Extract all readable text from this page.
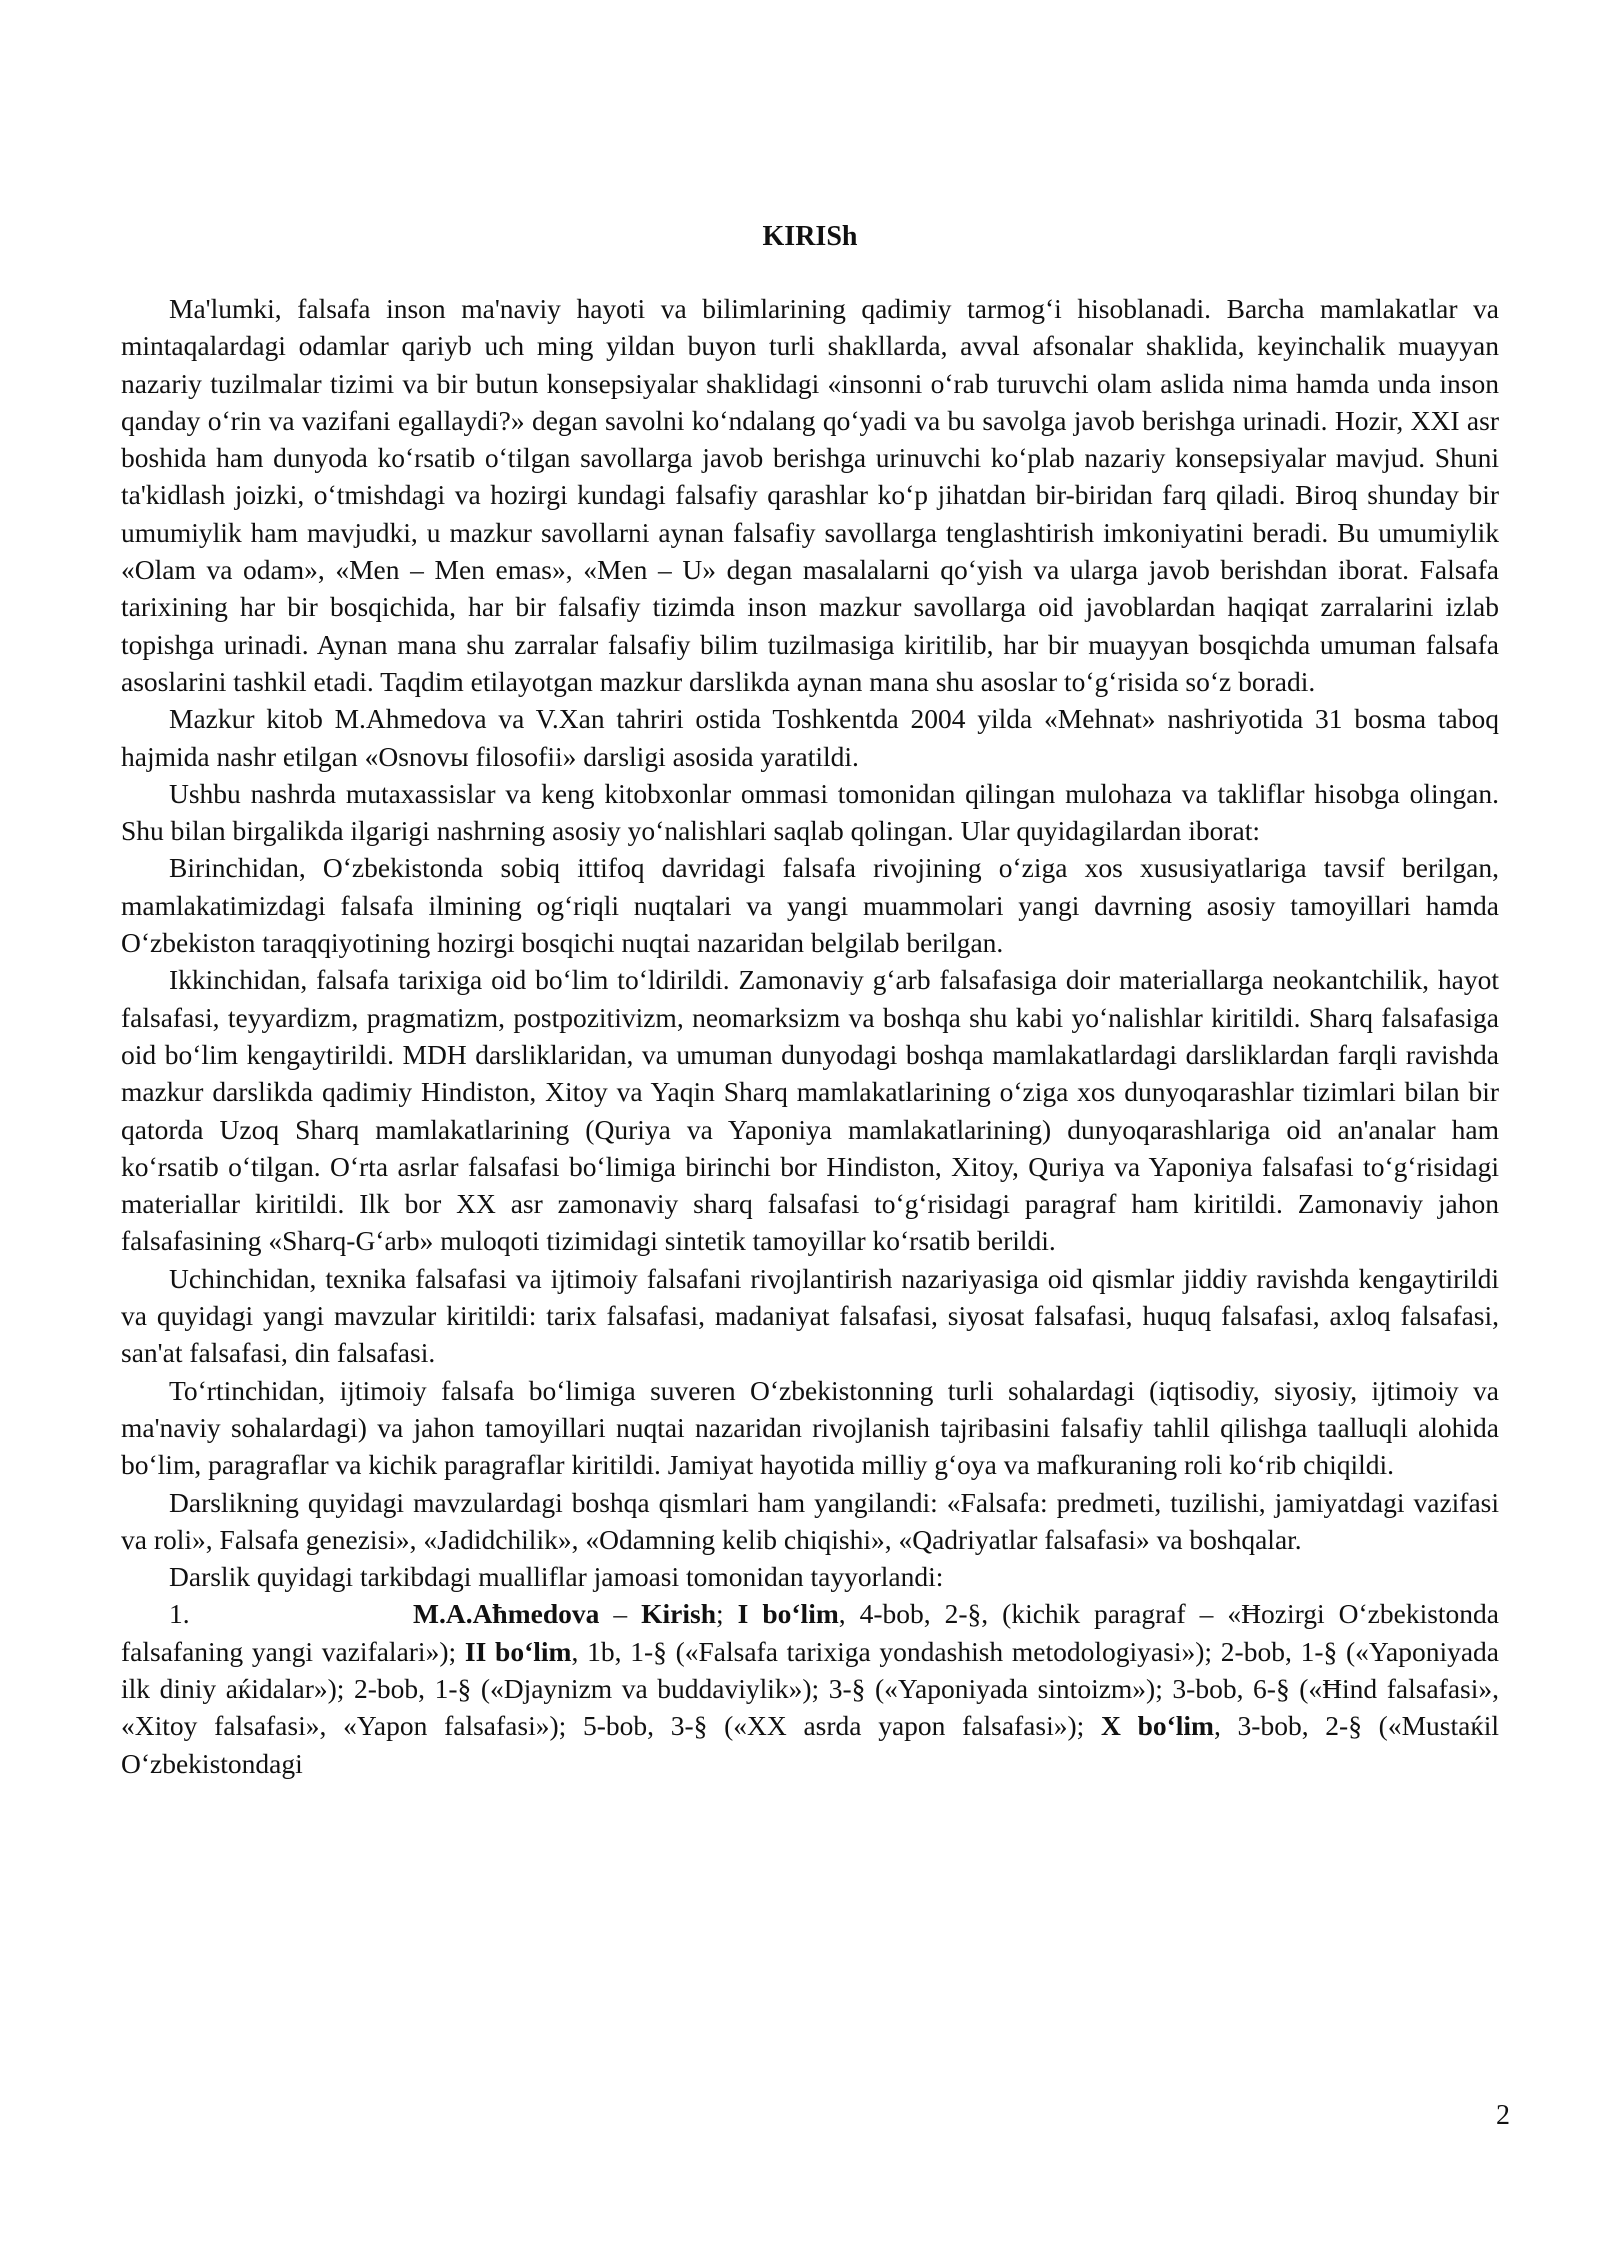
KIRISh

Ma'lumki, falsafa inson ma'naviy hayoti va bilimlarining qadimiy tarmog‘i hisoblanadi. Barcha mamlakatlar va mintaqalardagi odamlar qariyb uch ming yildan buyon turli shakllarda, avval afsonalar shaklida, keyinchalik muayyan nazariy tuzilmalar tizimi va bir butun konsepsiyalar shaklidagi «insonni o‘rab turuvchi olam aslida nima hamda unda inson qanday o‘rin va vazifani egallaydi?» degan savolni ko‘ndalang qo‘yadi va bu savolga javob berishga urinadi. Hozir, XXI asr boshida ham dunyoda ko‘rsatib o‘tilgan savollarga javob berishga urinuvchi ko‘plab nazariy konsepsiyalar mavjud. Shuni ta'kidlash joizki, o‘tmishdagi va hozirgi kundagi falsafiy qarashlar ko‘p jihatdan bir-biridan farq qiladi. Biroq shunday bir umumiylik ham mavjudki, u mazkur savollarni aynan falsafiy savollarga tenglashtirish imkoniyatini beradi. Bu umumiylik «Olam va odam», «Men – Men emas», «Men – U» degan masalalarni qo‘yish va ularga javob berishdan iborat. Falsafa tarixining har bir bosqichida, har bir falsafiy tizimda inson mazkur savollarga oid javoblardan haqiqat zarralarini izlab topishga urinadi. Aynan mana shu zarralar falsafiy bilim tuzilmasiga kiritilib, har bir muayyan bosqichda umuman falsafa asoslarini tashkil etadi. Taqdim etilayotgan mazkur darslikda aynan mana shu asoslar to‘g‘risida so‘z boradi.

Mazkur kitob M.Ahmedova va V.Xan tahriri ostida Toshkentda 2004 yilda «Mehnat» nashriyotida 31 bosma taboq hajmida nashr etilgan «Osnovы filosofii» darsligi asosida yaratildi.

Ushbu nashrda mutaxassislar va keng kitobxonlar ommasi tomonidan qilingan mulohaza va takliflar hisobga olingan. Shu bilan birgalikda ilgarigi nashrning asosiy yo‘nalishlari saqlab qolingan. Ular quyidagilardan iborat:

Birinchidan, O‘zbekistonda sobiq ittifoq davridagi falsafa rivojining o‘ziga xos xususiyatlariga tavsif berilgan, mamlakatimizdagi falsafa ilmining og‘riqli nuqtalari va yangi muammolari yangi davrning asosiy tamoyillari hamda O‘zbekiston taraqqiyotining hozirgi bosqichi nuqtai nazaridan belgilab berilgan.

Ikkinchidan, falsafa tarixiga oid bo‘lim to‘ldirildi. Zamonaviy g‘arb falsafasiga doir materiallarga neokantchilik, hayot falsafasi, teyyardizm, pragmatizm, postpozitivizm, neomarksizm va boshqa shu kabi yo‘nalishlar kiritildi. Sharq falsafasiga oid bo‘lim kengaytirildi. MDH darsliklaridan, va umuman dunyodagi boshqa mamlakatlardagi darsliklardan farqli ravishda mazkur darslikda qadimiy Hindiston, Xitoy va Yaqin Sharq mamlakatlarining o‘ziga xos dunyoqarashlar tizimlari bilan bir qatorda Uzoq Sharq mamlakatlarining (Quriya va Yaponiya mamlakatlarining) dunyoqarashlariga oid an'analar ham ko‘rsatib o‘tilgan. O‘rta asrlar falsafasi bo‘limiga birinchi bor Hindiston, Xitoy, Quriya va Yaponiya falsafasi to‘g‘risidagi materiallar kiritildi. Ilk bor XX asr zamonaviy sharq falsafasi to‘g‘risidagi paragraf ham kiritildi. Zamonaviy jahon falsafasining «Sharq-G‘arb» muloqoti tizimidagi sintetik tamoyillar ko‘rsatib berildi.

Uchinchidan, texnika falsafasi va ijtimoiy falsafani rivojlantirish nazariyasiga oid qismlar jiddiy ravishda kengaytirildi va quyidagi yangi mavzular kiritildi: tarix falsafasi, madaniyat falsafasi, siyosat falsafasi, huquq falsafasi, axloq falsafasi, san'at falsafasi, din falsafasi.

To‘rtinchidan, ijtimoiy falsafa bo‘limiga suveren O‘zbekistonning turli sohalardagi (iqtisodiy, siyosiy, ijtimoiy va ma'naviy sohalardagi) va jahon tamoyillari nuqtai nazaridan rivojlanish tajribasini falsafiy tahlil qilishga taalluqli alohida bo‘lim, paragraflar va kichik paragraflar kiritildi. Jamiyat hayotida milliy g‘oya va mafkuraning roli ko‘rib chiqildi.

Darslikning quyidagi mavzulardagi boshqa qismlari ham yangilandi: «Falsafa: predmeti, tuzilishi, jamiyatdagi vazifasi va roli», Falsafa genezisi», «Jadidchilik», «Odamning kelib chiqishi», «Qadriyatlar falsafasi» va boshqalar.

Darslik quyidagi tarkibdagi mualliflar jamoasi tomonidan tayyorlandi:

1.	M.A.Aħmedova – Kirish; I bo‘lim, 4-bob, 2-§, (kichik paragraf – «Ħozirgi O‘zbekistonda falsafaning yangi vazifalari»); II bo‘lim, 1b, 1-§ («Falsafa tarixiga yondashish metodologiyasi»); 2-bob, 1-§ («Yaponiyada ilk diniy aќidalar»); 2-bob, 1-§ («Djaynizm va buddaviylik»); 3-§ («Yaponiyada sintoizm»); 3-bob, 6-§ («Ħind falsafasi», «Xitoy falsafasi», «Yapon falsafasi»); 5-bob, 3-§ («XX asrda yapon falsafasi»); X bo‘lim, 3-bob, 2-§ («Mustaќil O‘zbekistondagi

2
